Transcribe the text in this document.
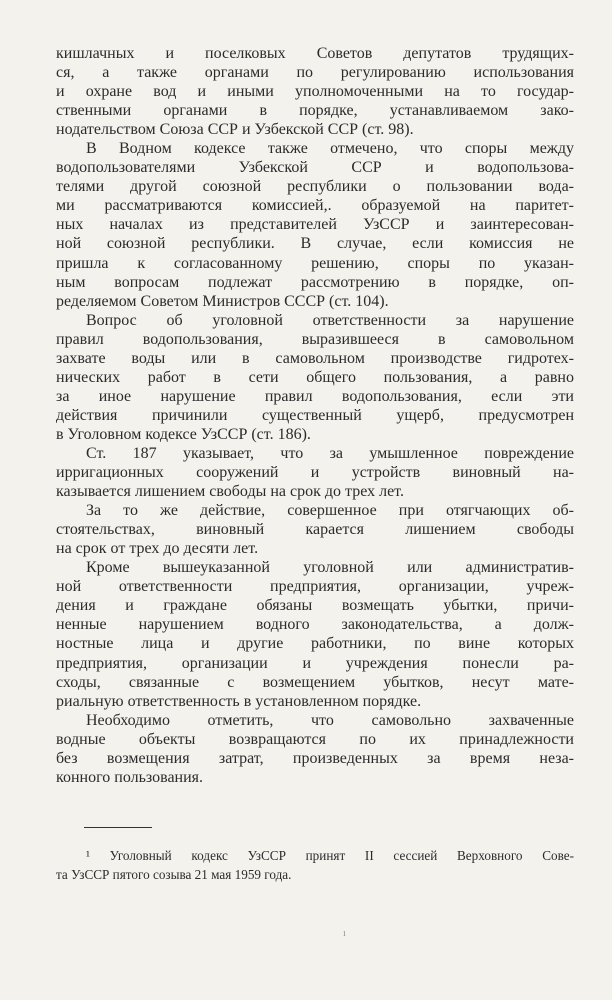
кишлачных и поселковых Советов депутатов трудящих-
ся, а также органами по регулированию использования
и охране вод и иными уполномоченными на то государ-
ственными органами в порядке, устанавливаемом зако-
нодательством Союза ССР и Узбекской ССР (ст. 98).
В Водном кодексе также отмечено, что споры между
водопользователями Узбекской ССР и водопользова-
телями другой союзной республики о пользовании вода-
ми рассматриваются комиссией,. образуемой на паритет-
ных началах из представителей УзССР и заинтересован-
ной союзной республики. В случае, если комиссия не
пришла к согласованному решению, споры по указан-
ным вопросам подлежат рассмотрению в порядке, оп-
ределяемом Советом Министров СССР (ст. 104).
Вопрос об уголовной ответственности за нарушение
правил водопользования, выразившееся в самовольном
захвате воды или в самовольном производстве гидротех-
нических работ в сети общего пользования, а равно
за иное нарушение правил водопользования, если эти
действия причинили существенный ущерб, предусмотрен
в Уголовном кодексе УзССР (ст. 186).
Ст. 187 указывает, что за умышленное повреждение
ирригационных сооружений и устройств виновный на-
казывается лишением свободы на срок до трех лет.
За то же действие, совершенное при отягчающих об-
стоятельствах, виновный карается лишением свободы
на срок от трех до десяти лет.
Кроме вышеуказанной уголовной или административ-
ной ответственности предприятия, организации, учреж-
дения и граждане обязаны возмещать убытки, причи-
ненные нарушением водного законодательства, а долж-
ностные лица и другие работники, по вине которых
предприятия, организации и учреждения понесли ра-
сходы, связанные с возмещением убытков, несут мате-
риальную ответственность в установленном порядке.
Необходимо отметить, что самовольно захваченные
водные объекты возвращаются по их принадлежности
без возмещения затрат, произведенных за время неза-
конного пользования.
¹ Уголовный кодекс УзССР принят II сессией Верховного Сове-
та УзССР пятого созыва 21 мая 1959 года.
ı
